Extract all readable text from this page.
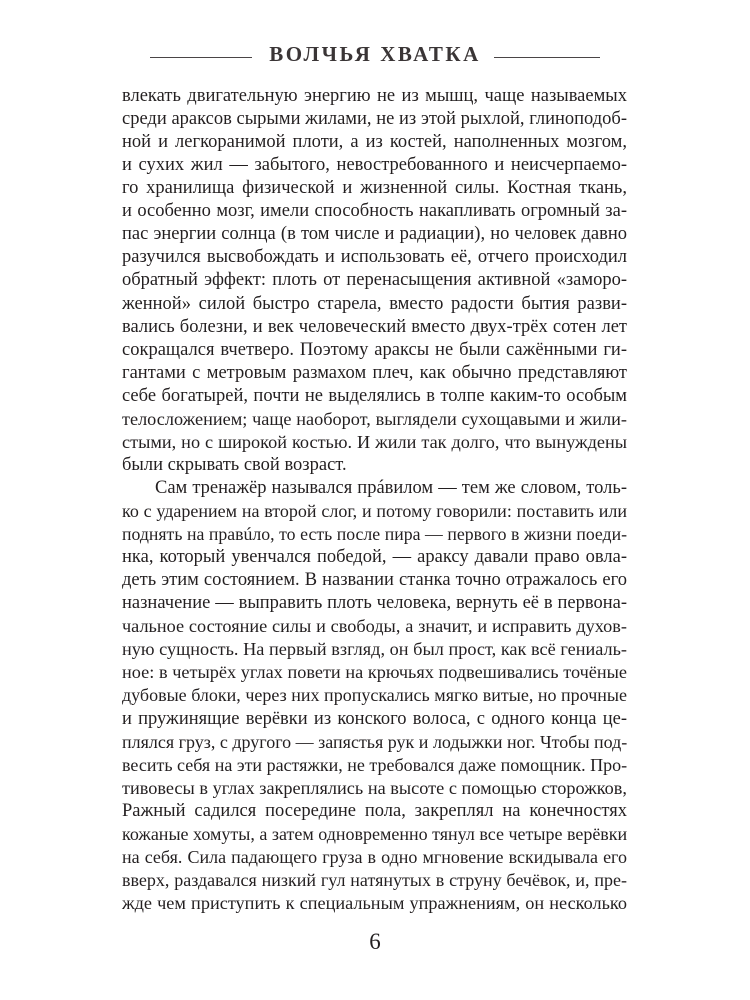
ВОЛЧЬЯ ХВАТКА
влекать двигательную энергию не из мышц, чаще называемых
среди араксов сырыми жилами, не из этой рыхлой, глиноподоб-
ной и легкоранимой плоти, а из костей, наполненных мозгом,
и сухих жил — забытого, невостребованного и неисчерпаемо-
го хранилища физической и жизненной силы. Костная ткань,
и особенно мозг, имели способность накапливать огромный за-
пас энергии солнца (в том числе и радиации), но человек давно
разучился высвобождать и использовать её, отчего происходил
обратный эффект: плоть от перенасыщения активной «заморо-
женной» силой быстро старела, вместо радости бытия разви-
вались болезни, и век человеческий вместо двух-трёх сотен лет
сокращался вчетверо. Поэтому араксы не были сажёнными ги-
гантами с метровым размахом плеч, как обычно представляют
себе богатырей, почти не выделялись в толпе каким-то особым
телосложением; чаще наоборот, выглядели сухощавыми и жили-
стыми, но с широкой костью. И жили так долго, что вынуждены
были скрывать свой возраст.
Сам тренажёр назывался прáвилом — тем же словом, толь-
ко с ударением на второй слог, и потому говорили: поставить или
поднять на правúло, то есть после пира — первого в жизни поеди-
нка, который увенчался победой, — араксу давали право овла-
деть этим состоянием. В названии станка точно отражалось его
назначение — выправить плоть человека, вернуть её в первона-
чальное состояние силы и свободы, а значит, и исправить духов-
ную сущность. На первый взгляд, он был прост, как всё гениаль-
ное: в четырёх углах повети на крючьях подвешивались точёные
дубовые блоки, через них пропускались мягко витые, но прочные
и пружинящие верёвки из конского волоса, с одного конца це-
плялся груз, с другого — запястья рук и лодыжки ног. Чтобы под-
весить себя на эти растяжки, не требовался даже помощник. Про-
тивовесы в углах закреплялись на высоте с помощью сторожков,
Ражный садился посередине пола, закреплял на конечностях
кожаные хомуты, а затем одновременно тянул все четыре верёвки
на себя. Сила падающего груза в одно мгновение вскидывала его
вверх, раздавался низкий гул натянутых в струну бечёвок, и, пре-
жде чем приступить к специальным упражнениям, он несколько
6
